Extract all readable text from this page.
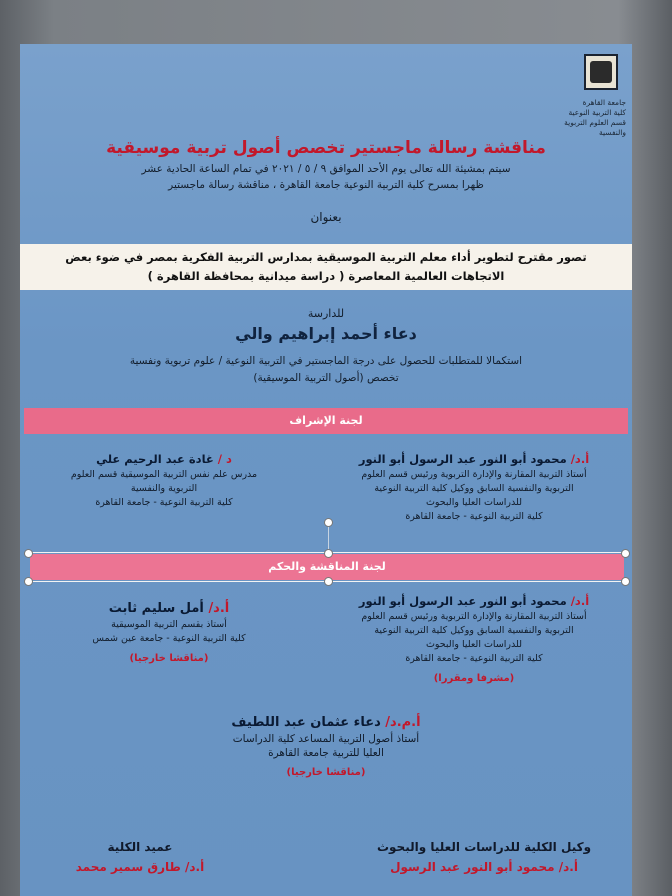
جامعة القاهرة
كلية التربية النوعية
قسم العلوم التربوية والنفسية
مناقشة رسالة ماجستير تخصص أصول تربية موسيقية
سيتم بمشيئة الله تعالى يوم الأحد الموافق ٩ / ٥ / ٢٠٢١ في تمام الساعة الحادية عشر
ظهرا بمسرح كلية التربية النوعية جامعة القاهرة ، مناقشة رسالة ماجستير
بعنوان
تصور مقترح لتطوير أداء معلم التربية الموسيقية بمدارس التربية الفكرية بمصر في ضوء بعض
الاتجاهات العالمية المعاصرة ( دراسة ميدانية بمحافظة القاهرة )
للدارسة
دعاء أحمد إبراهيم والي
استكمالا للمتطلبات للحصول على درجة الماجستير في التربية النوعية / علوم تربوية ونفسية
تخصص (أصول التربية الموسيقية)
لجنة الإشراف
أ.د/ محمود أبو النور عبد الرسول أبو النور
أستاذ التربية المقارنة والإدارة التربوية ورئيس قسم العلوم
التربوية والنفسية السابق ووكيل كلية التربية النوعية
للدراسات العليا والبحوث
كلية التربية النوعية - جامعة القاهرة
د / غادة عبد الرحيم علي
مدرس علم نفس التربية الموسيقية قسم العلوم
التربوية والنفسية
كلية التربية النوعية - جامعة القاهرة
لجنة المناقشة والحكم
أ.د/ محمود أبو النور عبد الرسول أبو النور
أستاذ التربية المقارنة والإدارة التربوية ورئيس قسم العلوم
التربوية والنفسية السابق ووكيل كلية التربية النوعية
للدراسات العليا والبحوث
كلية التربية النوعية - جامعة القاهرة
(مشرفا ومقررا)
أ.د/ أمل سليم ثابت
أستاذ بقسم التربية الموسيقية
كلية التربية النوعية - جامعة عين شمس
(مناقشا خارجيا)
أ.م.د/ دعاء عثمان عبد اللطيف
أستاذ أصول التربية المساعد كلية الدراسات
العليا للتربية جامعة القاهرة
(مناقشا خارجيا)
وكيل الكلية للدراسات العليا والبحوث
أ.د/ محمود أبو النور عبد الرسول
عميد الكلية
أ.د/ طارق سمير محمد
